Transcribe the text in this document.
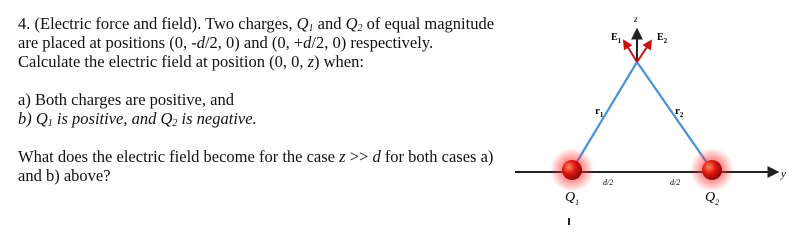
4. (Electric force and field). Two charges, $Q_1$ and $Q_2$ of equal magnitude are placed at positions (0, -d/2, 0) and (0, +d/2, 0) respectively. Calculate the electric field at position (0, 0, z) when:

a) Both charges are positive, and

b) $Q_1$ is positive, and $Q_2$ is negative.

What does the electric field become for the case z >> d for both cases a) and b) above?

z
y
$E_1$	$E_2$
$r_1$	$r_2$
d/2	d/2
$Q_1$	$Q_2$
